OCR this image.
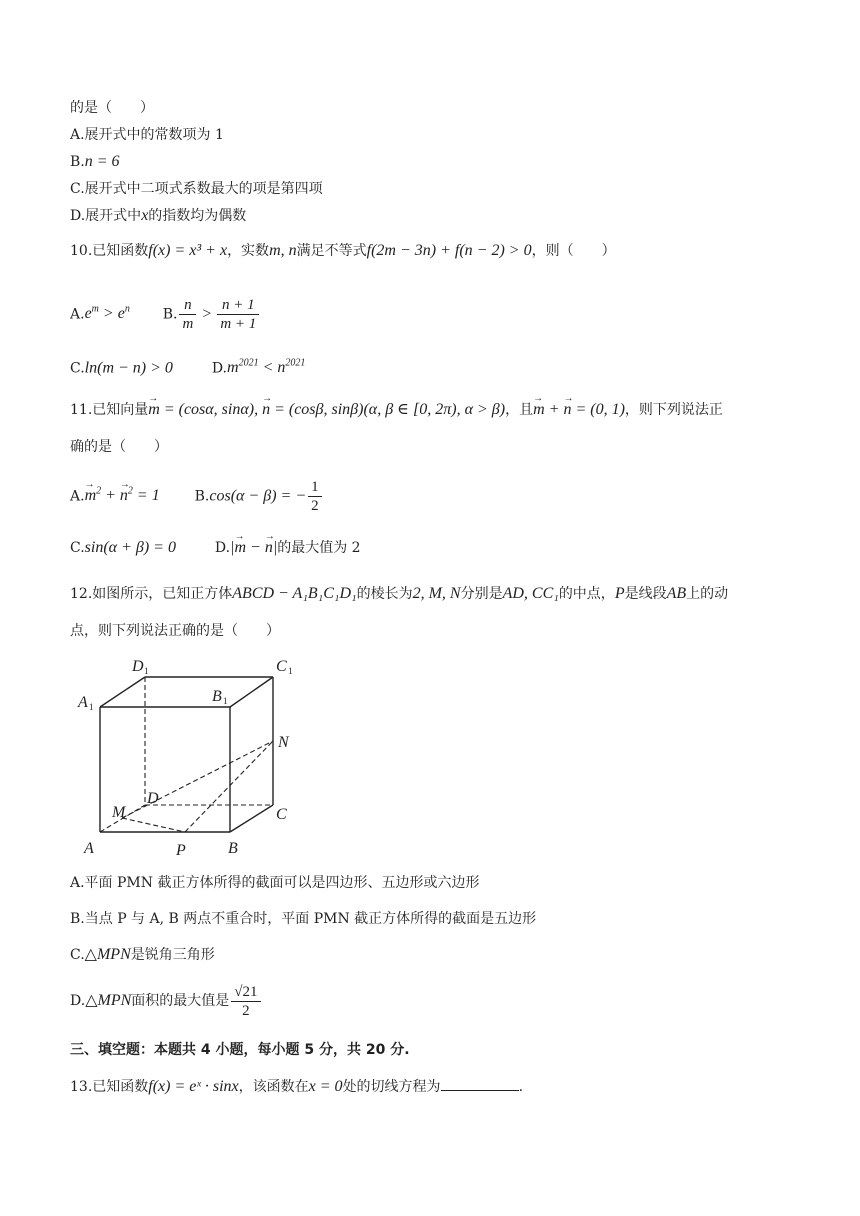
的是（　　）
A.展开式中的常数项为 1
B.n = 6
C.展开式中二项式系数最大的项是第四项
D.展开式中x的指数均为偶数
10.已知函数f(x) = x³ + x，实数m, n满足不等式f(2m − 3n) + f(n − 2) > 0，则（　　）
$A.e^m > e^n$ B. $\frac{n}{m} > \frac{n + 1}{m + 1}$
C.ln(m − n) > 0	$D.m^{2021} < n^{2021}$
11.已知向量→ m = (cosα, sinα), → n = (cosβ, sinβ)(α, β ∈ [0, 2π), α > β)，且→ m + → n = (0, 1)，则下列说法正
确的是（　　）
$A.\to m^2$ + → $n^2 = 1$ B.cos(α − β) = − $\frac{1}{2}$
C.sin(α + β) = 0	D.|→ m − → n|的最大值为 2
12.如图所示，已知正方体ABCD − A₁B₁C₁D₁的棱长为2, M, N分别是AD, CC₁的中点，P是线段AB上的动
点，则下列说法正确的是（　　）
D 1	C 1
A 1
B 1
N
D
C
M
A	P	B
A.平面 PMN 截正方体所得的截面可以是四边形、五边形或六边形
B.当点 P 与 A, B 两点不重合时，平面 PMN 截正方体所得的截面是五边形
C.△MPN是锐角三角形
D.△MPN面积的最大值是 $\frac{√21}{2}$
三、填空题：本题共 4 小题，每小题 5 分，共 20 分.
13.已知函数f(x) = eˣ · sinx，该函数在x = 0处的切线方程为	.
